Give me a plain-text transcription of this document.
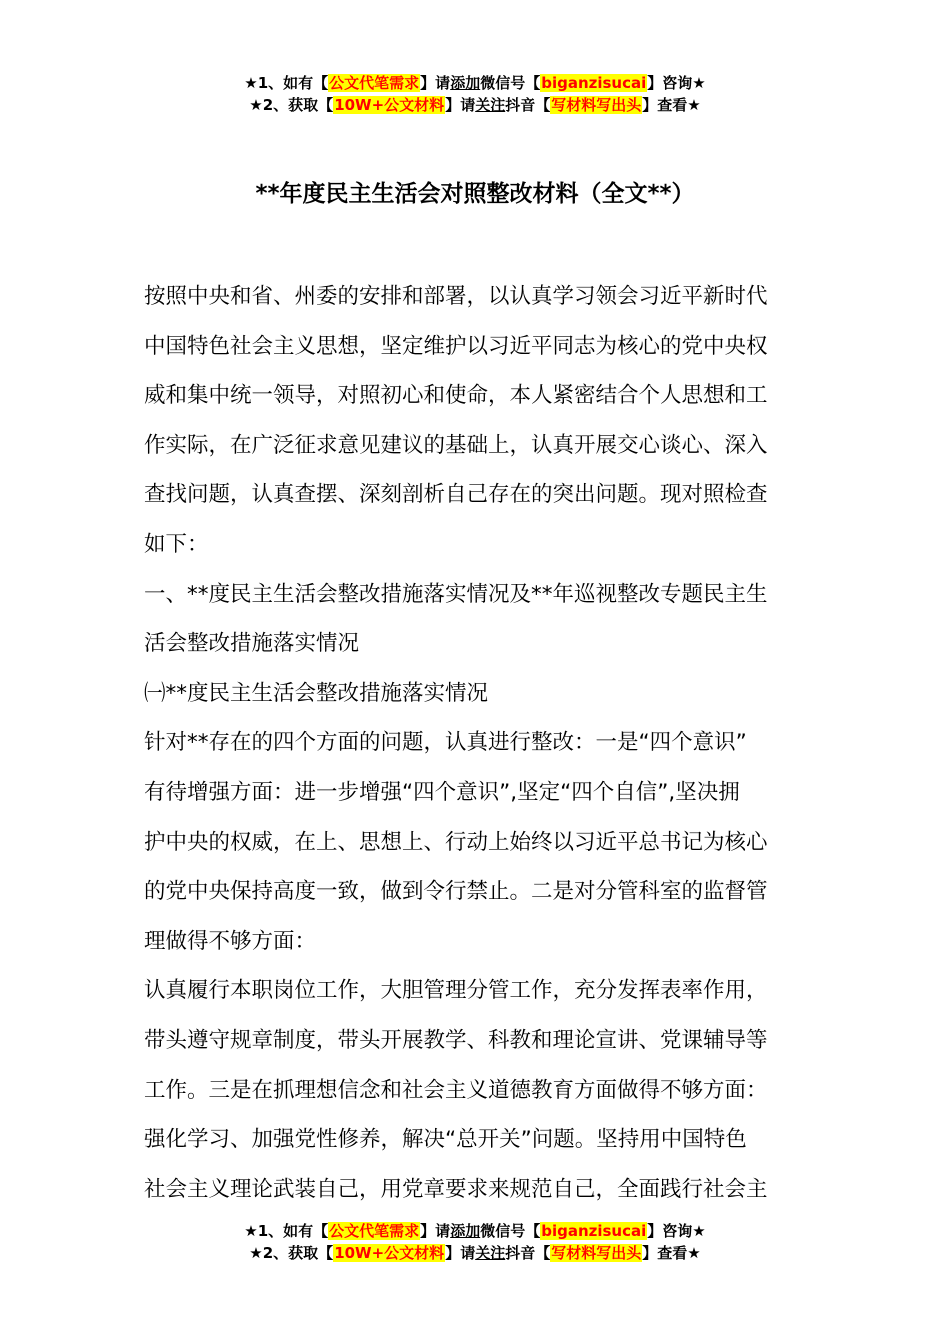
★1、如有【公文代笔需求】请添加微信号【biganzisucai】咨询★
★2、获取【10W+公文材料】请关注抖音【写材料写出头】查看★
**年度民主生活会对照整改材料（全文**）
按照中央和省、州委的安排和部署，以认真学习领会习近平新时代
中国特色社会主义思想，坚定维护以习近平同志为核心的党中央权
威和集中统一领导，对照初心和使命，本人紧密结合个人思想和工
作实际，在广泛征求意见建议的基础上，认真开展交心谈心、深入
查找问题，认真查摆、深刻剖析自己存在的突出问题。现对照检查
如下：
一、**度民主生活会整改措施落实情况及**年巡视整改专题民主生
活会整改措施落实情况
㈠**度民主生活会整改措施落实情况
针对**存在的四个方面的问题，认真进行整改：一是“四个意识”
有待增强方面：进一步增强“四个意识”,坚定“四个自信”,坚决拥
护中央的权威，在上、思想上、行动上始终以习近平总书记为核心
的党中央保持高度一致，做到令行禁止。二是对分管科室的监督管
理做得不够方面：
认真履行本职岗位工作，大胆管理分管工作，充分发挥表率作用，
带头遵守规章制度，带头开展教学、科教和理论宣讲、党课辅导等
工作。三是在抓理想信念和社会主义道德教育方面做得不够方面：
强化学习、加强党性修养，解决“总开关”问题。坚持用中国特色
社会主义理论武装自己，用党章要求来规范自己，全面践行社会主
★1、如有【公文代笔需求】请添加微信号【biganzisucai】咨询★
★2、获取【10W+公文材料】请关注抖音【写材料写出头】查看★
